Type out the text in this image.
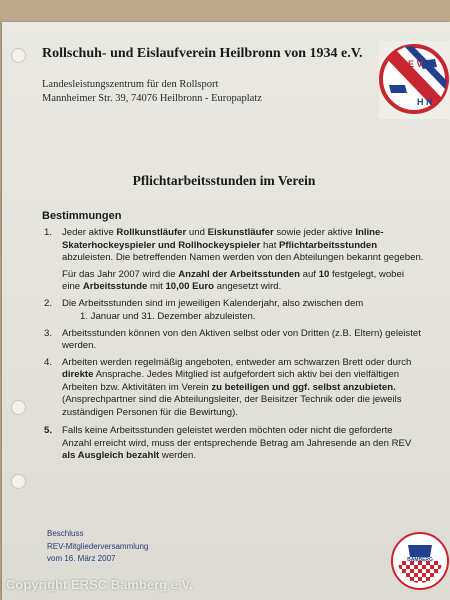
Rollschuh- und Eislaufverein Heilbronn von 1934 e.V.
Landesleistungszentrum für den Rollsport
Mannheimer Str. 39, 74076 Heilbronn - Europaplatz
R E V
H N
Pflichtarbeitsstunden im Verein
Bestimmungen
1. Jeder aktive Rollkunstläufer und Eiskunstläufer sowie jeder aktive Inline-Skaterhockeyspieler und Rollhockeyspieler hat Pflichtarbeitsstunden abzuleisten. Die betreffenden Namen werden von den Abteilungen bekannt gegeben.

Für das Jahr 2007 wird die Anzahl der Arbeitsstunden auf 10 festgelegt, wobei eine Arbeitsstunde mit 10,00 Euro angesetzt wird.

2. Die Arbeitsstunden sind im jeweiligen Kalenderjahr, also zwischen dem

1. Januar und 31. Dezember abzuleisten.

3. Arbeitsstunden können von den Aktiven selbst oder von Dritten (z.B. Eltern) geleistet werden.

4. Arbeiten werden regelmäßig angeboten, entweder am schwarzen Brett oder durch direkte Ansprache. Jedes Mitglied ist aufgefordert sich aktiv bei den vielfältigen Arbeiten bzw. Aktivitäten im Verein zu beteiligen und ggf. selbst anzubieten. (Ansprechpartner sind die Abteilungsleiter, der Beisitzer Technik oder die jeweils zuständigen Personen für die Bewirtung).

5. Falls keine Arbeitsstunden geleistet werden möchten oder nicht die geforderte Anzahl erreicht wird, muss der entsprechende Betrag am Jahresende an den REV als Ausgleich bezahlt werden.

Beschluss
REV-Mitgliederversammlung
vom 16. März 2007	BAMBERG
Copyright ERSC Bamberg e.V.
